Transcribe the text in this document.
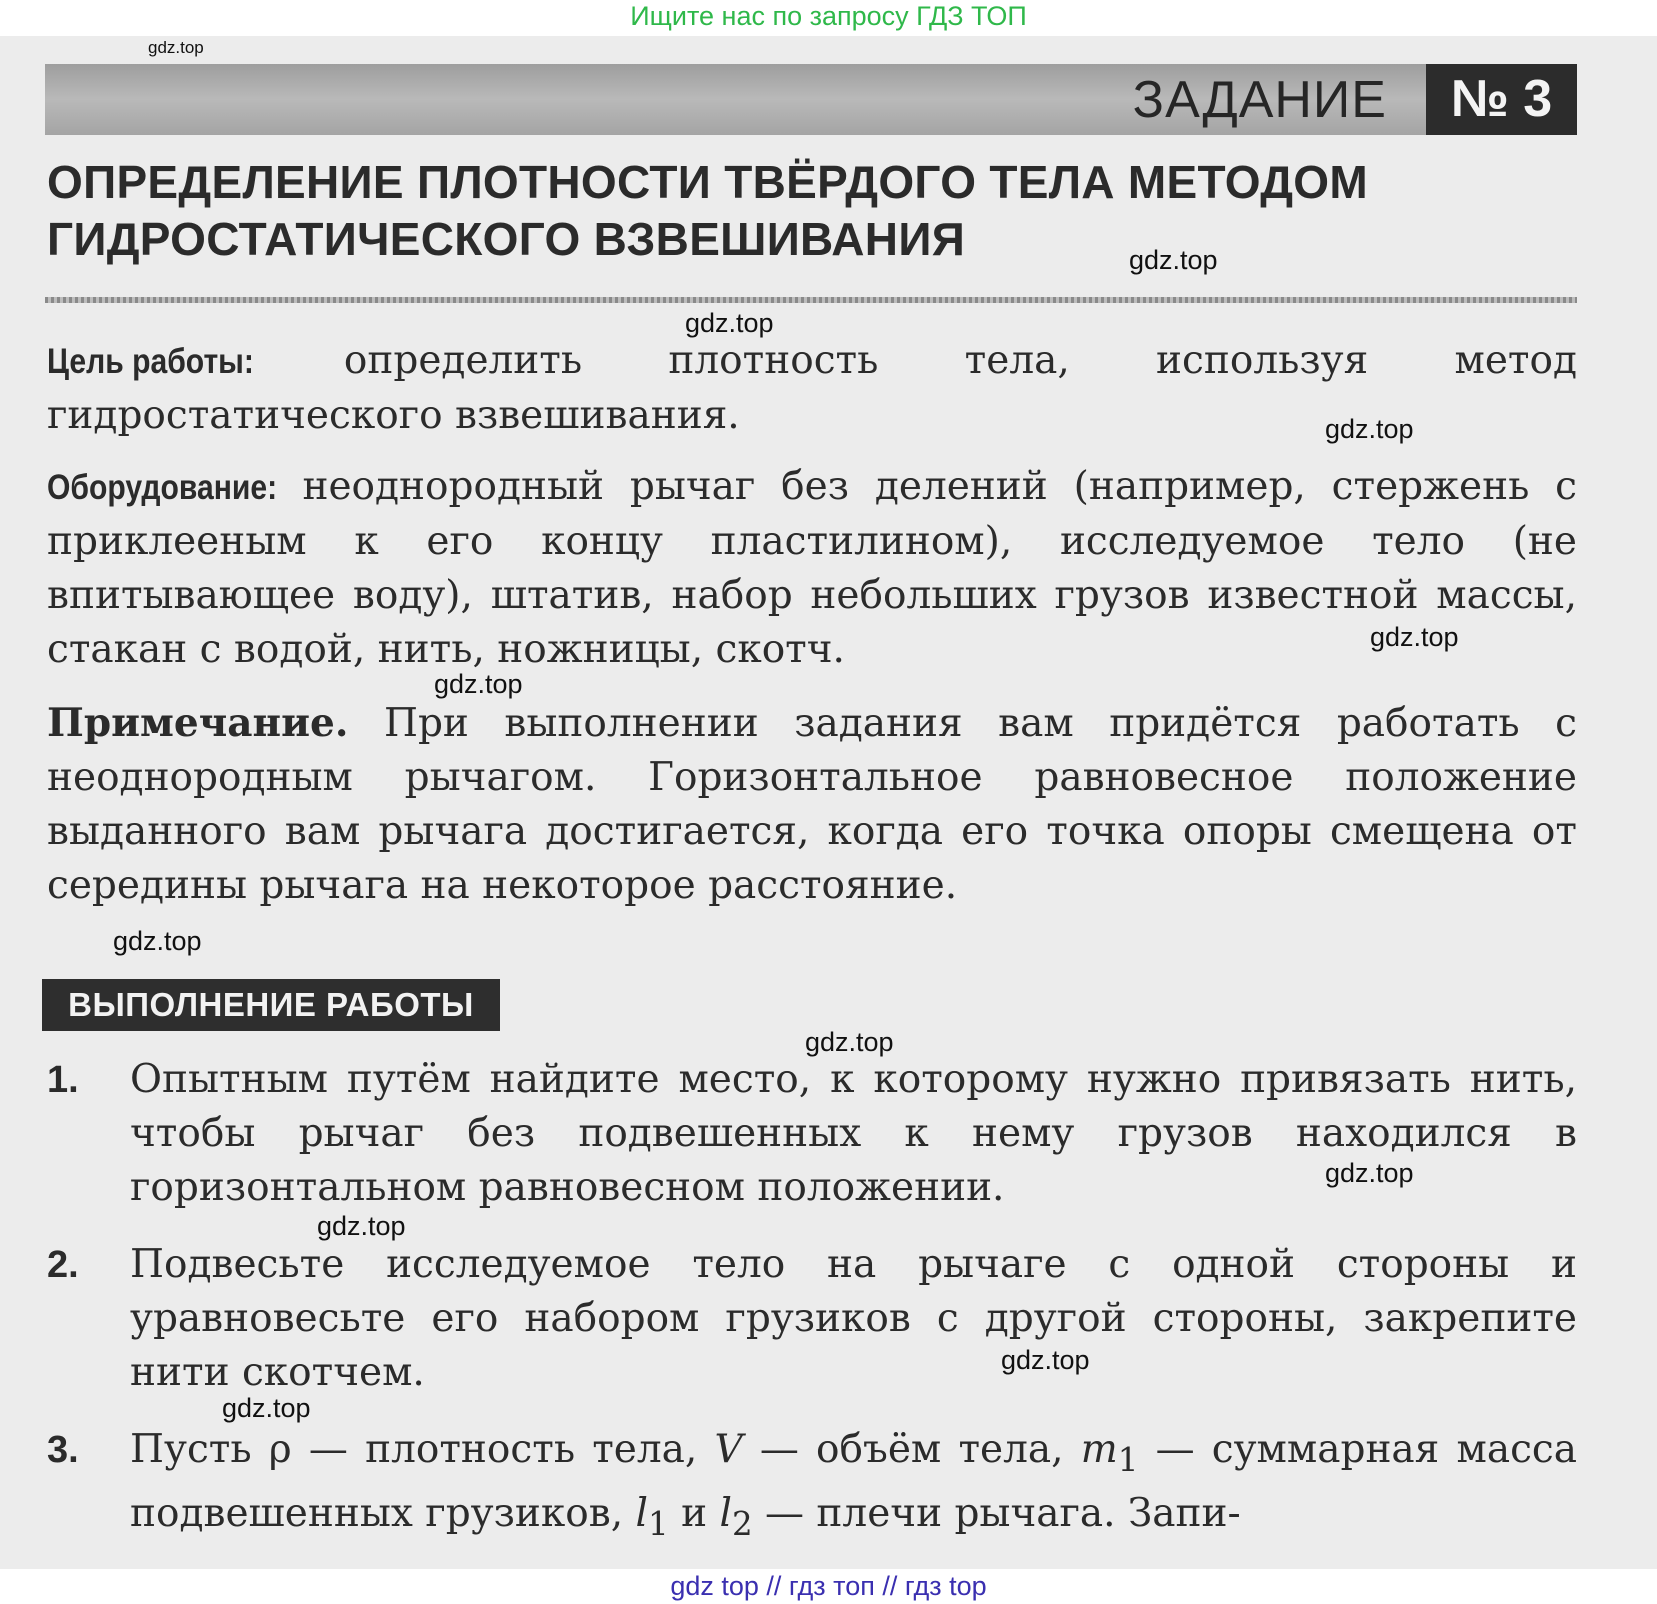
Ищите нас по запросу ГДЗ ТОП
gdz.top
ЗАДАНИЕ	№ 3
ОПРЕДЕЛЕНИЕ ПЛОТНОСТИ ТВЁРДОГО ТЕЛА МЕТОДОМ
ГИДРОСТАТИЧЕСКОГО ВЗВЕШИВАНИЯ	gdz.top
gdz.top
Цель работы: определить плотность тела, используя метод гидростатического взвешивания.	gdz.top
Оборудование: неоднородный рычаг без делений (например, стержень с приклееным к его концу пластилином), исследуемое тело (не впитывающее воду), штатив, набор небольших грузов известной массы, стакан с водой, нить, ножницы, скотч.	gdz.top
gdz.top
Примечание. При выполнении задания вам придётся работать с неоднородным рычагом. Горизонтальное равновесное положение выданного вам рычага достигается, когда его точка опоры смещена от середины рычага на некоторое расстояние.
gdz.top
ВЫПОЛНЕНИЕ РАБОТЫ
gdz.top
1. Опытным путём найдите место, к которому нужно привязать нить, чтобы рычаг без подвешенных к нему грузов находился в горизонтальном равновесном положении.	gdz.top
gdz.top
2. Подвесьте исследуемое тело на рычаге с одной стороны и уравновесьте его набором грузиков с другой стороны, закрепите нити скотчем.	gdz.top
gdz.top
3. Пусть ρ — плотность тела, V — объём тела, $m_1$ — суммарная масса подвешенных грузиков, $l_1$ и $l_2$ — плечи рычага. Запи-
gdz top // гдз топ // гдз top
